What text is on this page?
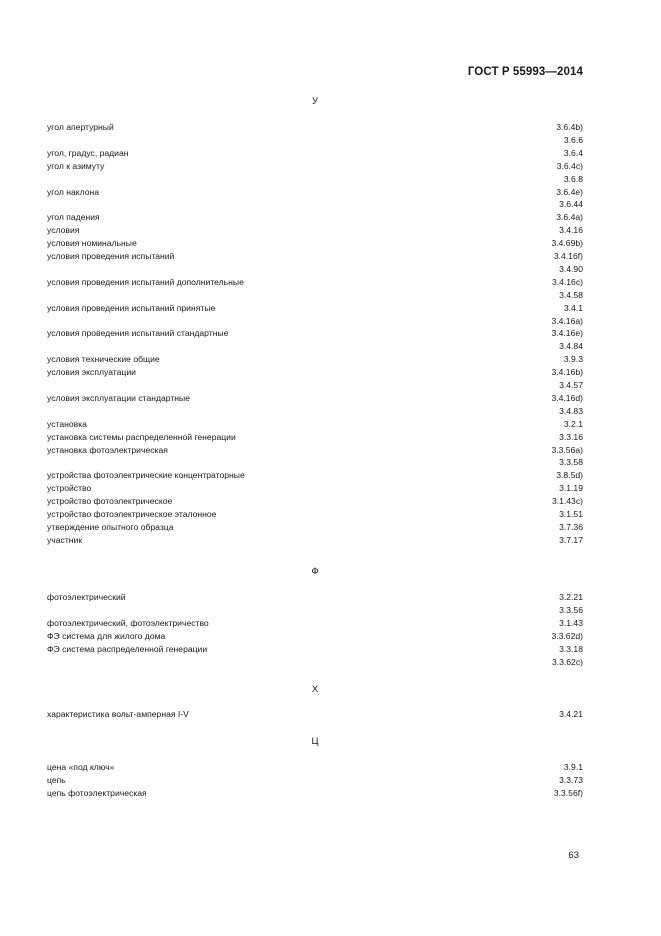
ГОСТ Р 55993—2014
У
угол апертурный	3.6.4b)
3.6.6
угол, градус, радиан	3.6.4
угол к азимуту	3.6.4c)
3.6.8
угол наклона	3.6.4e)
3.6.44
угол падения	3.6.4a)
условия	3.4.16
условия номинальные	3.4.69b)
условия проведения испытаний	3.4.16f)
3.4.90
условия проведения испытаний дополнительные	3.4.16c)
3.4.58
условия проведения испытаний принятые	3.4.1
3.4.16a)
условия проведения испытаний стандартные	3.4.16e)
3.4.84
условия технические общие	3.9.3
условия эксплуатации	3.4.16b)
3.4.57
условия эксплуатации стандартные	3.4.16d)
3.4.83
установка	3.2.1
установка системы распределенной генерации	3.3.16
установка фотоэлектрическая	3.3.56a)
3.3.58
устройства фотоэлектрические концентраторные	3.8.5d)
устройство	3.1.19
устройство фотоэлектрическое	3.1.43c)
устройство фотоэлектрическое эталонное	3.1.51
утверждение опытного образца	3.7.36
участник	3.7.17
Ф
фотоэлектрический	3.2.21
3.3.56
фотоэлектрический, фотоэлектричество	3.1.43
ФЭ система для жилого дома	3.3.62d)
ФЭ система распределенной генерации	3.3.18
3.3.62c)
Х
характеристика вольт-амперная I-V	3.4.21
Ц
цена «под ключ»	3.9.1
цепь	3.3.73
цепь фотоэлектрическая	3.3.56f)
63
